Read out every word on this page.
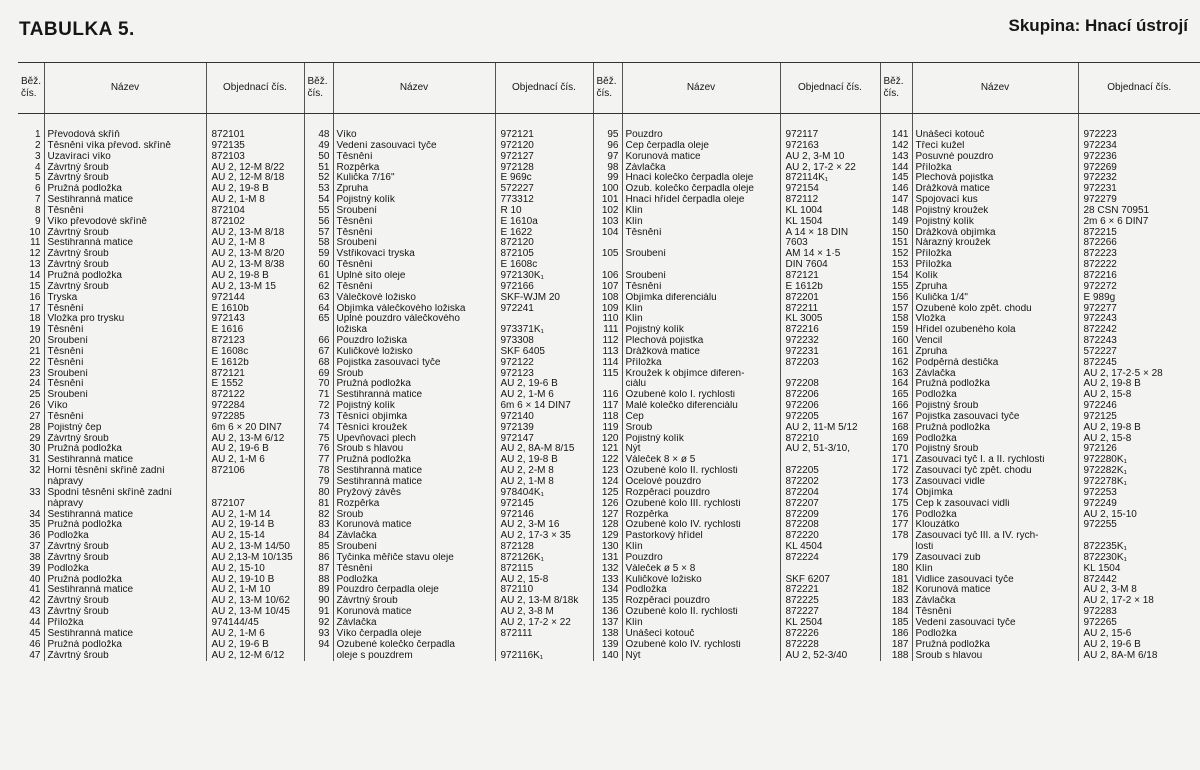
TABULKA 5.	Skupina: Hnací ústrojí
Běž. čís.	Název	Objednací čís.	Běž. čís.	Název	Objednací čís.	Běž. čís.	Název	Objednací čís.	Běž. čís.	Název	Objednací čís.

1	Převodová skříň	872101	48	Víko	972121	95	Pouzdro	972117	141	Unášecí kotouč	972223
2	Těsnění víka převod. skříně	972135	49	Vedení zasouvací tyče	972120	96	Čep čerpadla oleje	972163	142	Třecí kužel	972234
3	Uzavírací víko	872103	50	Těsnění	972127	97	Korunová matice	AU 2, 3-M 10	143	Posuvné pouzdro	972236
4	Závrtný šroub	AU 2, 12-M 8/22	51	Rozpěrka	972128	98	Závlačka	AU 2, 17-2 × 22	144	Příložka	972269
5	Závrtný šroub	AU 2, 12-M 8/18	52	Kulička 7/16"	E 969c	99	Hnací kolečko čerpadla oleje	872114K₁	145	Plechová pojistka	972232
6	Pružná podložka	AU 2, 19-8 B	53	Zpruha	572227	100	Ozub. kolečko čerpadla oleje	972154	146	Drážková matice	972231
7	Šestihranná matice	AU 2, 1-M 8	54	Pojistný kolík	773312	101	Hnací hřídel čerpadla oleje	872112	147	Spojovací kus	972279
8	Těsnění	872104	55	Šroubení	R 10	102	Klín	KL 1004	148	Pojistný kroužek	28 ČSN 70951
9	Víko převodové skříně	872102	56	Těsnění	E 1610a	103	Klín	KL 1504	149	Pojistný kolík	2m 6 × 6 DIN7
10	Závrtný šroub	AU 2, 13-M 8/18	57	Těsnění	E 1622	104	Těsnění	A 14 × 18 DIN	150	Drážková objímka	872215
11	Šestihranná matice	AU 2, 1-M 8	58	Šroubení	872120			7603	151	Nárazný kroužek	872266
12	Závrtný šroub	AU 2, 13-M 8/20	59	Vstřikovací tryska	872105	105	Šroubení	AM 14 × 1·5	152	Příložka	872223
13	Závrtný šroub	AU 2, 13-M 8/38	60	Těsnění	E 1608c			DIN 7604	153	Příložka	872222
14	Pružná podložka	AU 2, 19-8 B	61	Úplné síto oleje	972130K₁	106	Šroubení	872121	154	Kolík	872216
15	Závrtný šroub	AU 2, 13-M 15	62	Těsnění	972166	107	Těsnění	E 1612b	155	Zpruha	972272
16	Tryska	972144	63	Válečkové ložisko	SKF-WJM 20	108	Objímka diferenciálu	872201	156	Kulička 1/4"	E 989g
17	Těsnění	E 1610b	64	Objímka válečkového ložiska	972241	109	Klín	872211	157	Ozubené kolo zpět. chodu	972277
18	Vložka pro trysku	972143	65	Úplné pouzdro válečkového		110	Klín	KL 3005	158	Vložka	972243
19	Těsnění	E 1616		ložiska	973371K₁	111	Pojistný kolík	872216	159	Hřídel ozubeného kola	872242
20	Šroubení	872123	66	Pouzdro ložiska	973308	112	Plechová pojistka	972232	160	Vencil	872243
21	Těsnění	E 1608c	67	Kuličkové ložisko	SKF 6405	113	Drážková matice	972231	161	Zpruha	572227
22	Těsnění	E 1612b	68	Pojistka zasouvací tyče	972122	114	Příložka	872203	162	Podpěrná destička	872245
23	Šroubení	872121	69	Šroub	972123	115	Kroužek k objímce diferen-		163	Závlačka	AU 2, 17-2·5 × 28
24	Těsnění	E 1552	70	Pružná podložka	AU 2, 19-6 B		ciálu	972208	164	Pružná podložka	AU 2, 19-8 B
25	Šroubení	872122	71	Šestihranná matice	AU 2, 1-M 6	116	Ozubené kolo I. rychlosti	872206	165	Podložka	AU 2, 15-8
26	Víko	972284	72	Pojistný kolík	6m 6 × 14 DIN7	117	Malé kolečko diferenciálu	972206	166	Pojistný šroub	972246
27	Těsnění	972285	73	Těsnící objímka	972140	118	Čep	972205	167	Pojistka zasouvací tyče	972125
28	Pojistný čep	6m 6 × 20 DIN7	74	Těsnící kroužek	972139	119	Šroub	AU 2, 11-M 5/12	168	Pružná podložka	AU 2, 19-8 B
29	Závrtný šroub	AU 2, 13-M 6/12	75	Upevňovací plech	972147	120	Pojistný kolík	872210	169	Podložka	AU 2, 15-8
30	Pružná podložka	AU 2, 19-6 B	76	Šroub s hlavou	AU 2, 8A-M 8/15	121	Nýt	AU 2, 51-3/10,	170	Pojistný šroub	972126
31	Šestihranná matice	AU 2, 1-M 6	77	Pružná podložka	AU 2, 19-8 B	122	Váleček 8 × ø 5		171	Zasouvací tyč I. a II. rychlosti	972280K₁
32	Horní těsnění skříně zadní	872106	78	Šestihranná matice	AU 2, 2-M 8	123	Ozubené kolo II. rychlosti	872205	172	Zasouvací tyč zpět. chodu	972282K₁
	nápravy		79	Šestihranná matice	AU 2, 1-M 8	124	Ocelové pouzdro	872202	173	Zasouvací vidle	972278K₁
33	Spodní těsnění skříně zadní		80	Pryžový závěs	978404K₁	125	Rozpěrací pouzdro	872204	174	Objímka	972253
	nápravy	872107	81	Rozpěrka	972145	126	Ozubené kolo III. rychlosti	872207	175	Čep k zasouvací vidli	972249
34	Šestihranná matice	AU 2, 1-M 14	82	Šroub	972146	127	Rozpěrka	872209	176	Podložka	AU 2, 15-10
35	Pružná podložka	AU 2, 19-14 B	83	Korunová matice	AU 2, 3-M 16	128	Ozubené kolo IV. rychlosti	872208	177	Klouzátko	972255
36	Podložka	AU 2, 15-14	84	Závlačka	AU 2, 17-3 × 35	129	Pastorkový hřídel	872220	178	Zasouvací tyč III. a IV. rych-	
37	Závrtný šroub	AU 2, 13-M 14/50	85	Šroubení	872128	130	Klín	KL 4504		losti	872235K₁
38	Závrtný šroub	AU 2,13-M 10/135	86	Tyčinka měřiče stavu oleje	872126K₁	131	Pouzdro	872224	179	Zasouvací zub	872230K₁
39	Podložka	AU 2, 15-10	87	Těsnění	872115	132	Váleček ø 5 × 8		180	Klín	KL 1504
40	Pružná podložka	AU 2, 19-10 B	88	Podložka	AU 2, 15-8	133	Kuličkové ložisko	SKF 6207	181	Vidlice zasouvací tyče	872442
41	Šestihranná matice	AU 2, 1-M 10	89	Pouzdro čerpadla oleje	872110	134	Podložka	872221	182	Korunová matice	AU 2, 3-M 8
42	Závrtný šroub	AU 2, 13-M 10/62	90	Závrtný šroub	AU 2, 13-M 8/18k	135	Rozpěrací pouzdro	872225	183	Závlačka	AU 2, 17-2 × 18
43	Závrtný šroub	AU 2, 13-M 10/45	91	Korunová matice	AU 2, 3-8 M	136	Ozubené kolo II. rychlosti	872227	184	Těsnění	972283
44	Příložka	974144/45	92	Závlačka	AU 2, 17-2 × 22	137	Klín	KL 2504	185	Vedení zasouvací tyče	972265
45	Šestihranná matice	AU 2, 1-M 6	93	Víko čerpadla oleje	872111	138	Unášecí kotouč	872226	186	Podložka	AU 2, 15-6
46	Pružná podložka	AU 2, 19-6 B	94	Ozubené kolečko čerpadla		139	Ozubené kolo IV. rychlosti	872228	187	Pružná podložka	AU 2, 19-6 B
47	Závrtný šroub	AU 2, 12-M 6/12		oleje s pouzdrem	972116K₁	140	Nýt	AU 2, 52-3/40	188	Šroub s hlavou	AU 2, 8A-M 6/18
